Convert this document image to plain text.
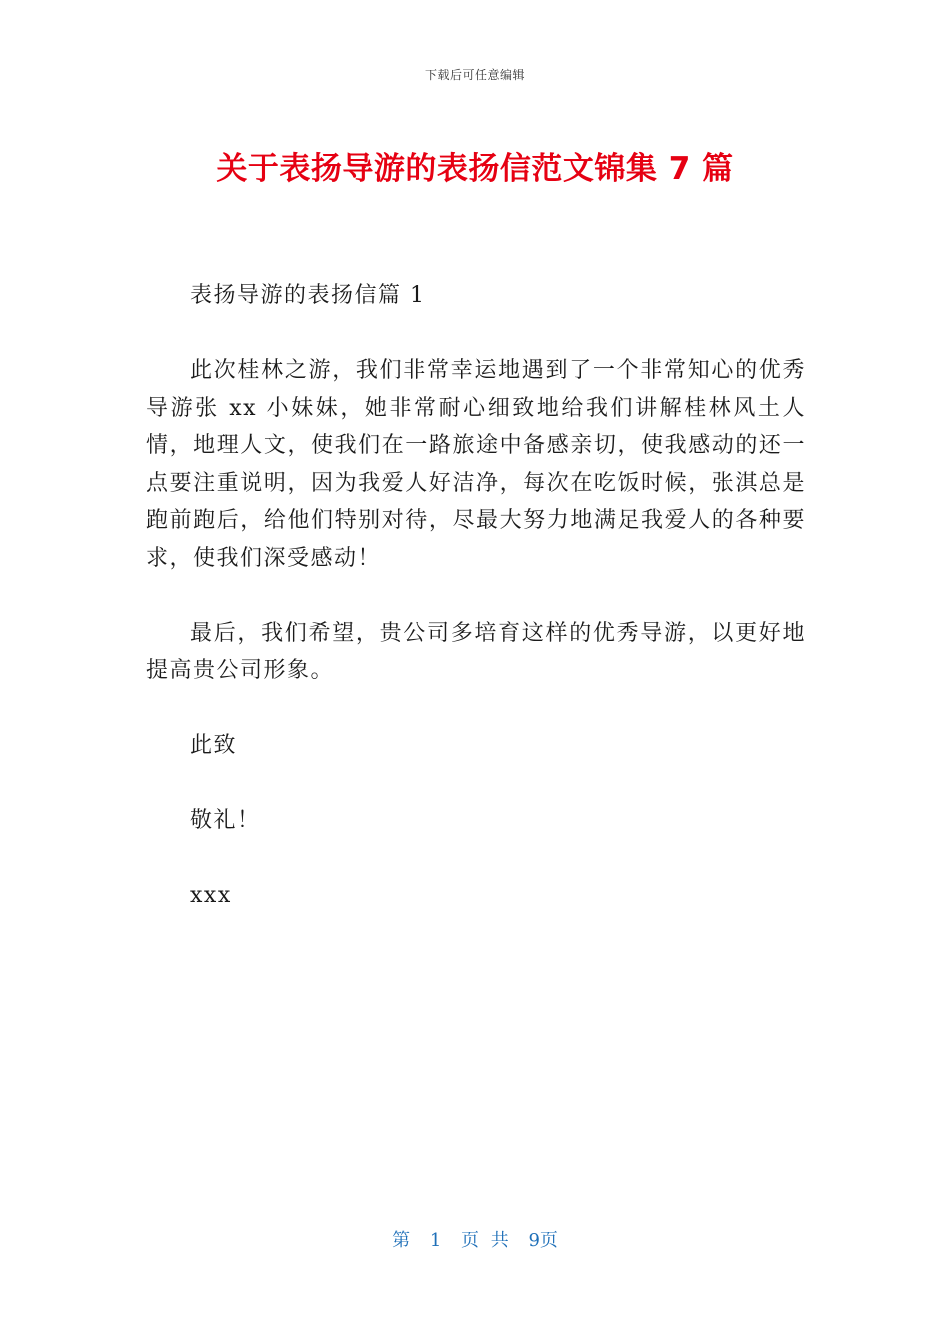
下载后可任意编辑
关于表扬导游的表扬信范文锦集 7 篇

表扬导游的表扬信篇 1

此次桂林之游，我们非常幸运地遇到了一个非常知心的优秀导游张 xx 小妹妹，她非常耐心细致地给我们讲解桂林风土人情，地理人文，使我们在一路旅途中备感亲切，使我感动的还一点要注重说明，因为我爱人好洁净，每次在吃饭时候，张淇总是跑前跑后，给他们特别对待，尽最大努力地满足我爱人的各种要求，使我们深受感动！

最后，我们希望，贵公司多培育这样的优秀导游，以更好地提高贵公司形象。

此致

敬礼！

xxx

第 1 页 共 9页
